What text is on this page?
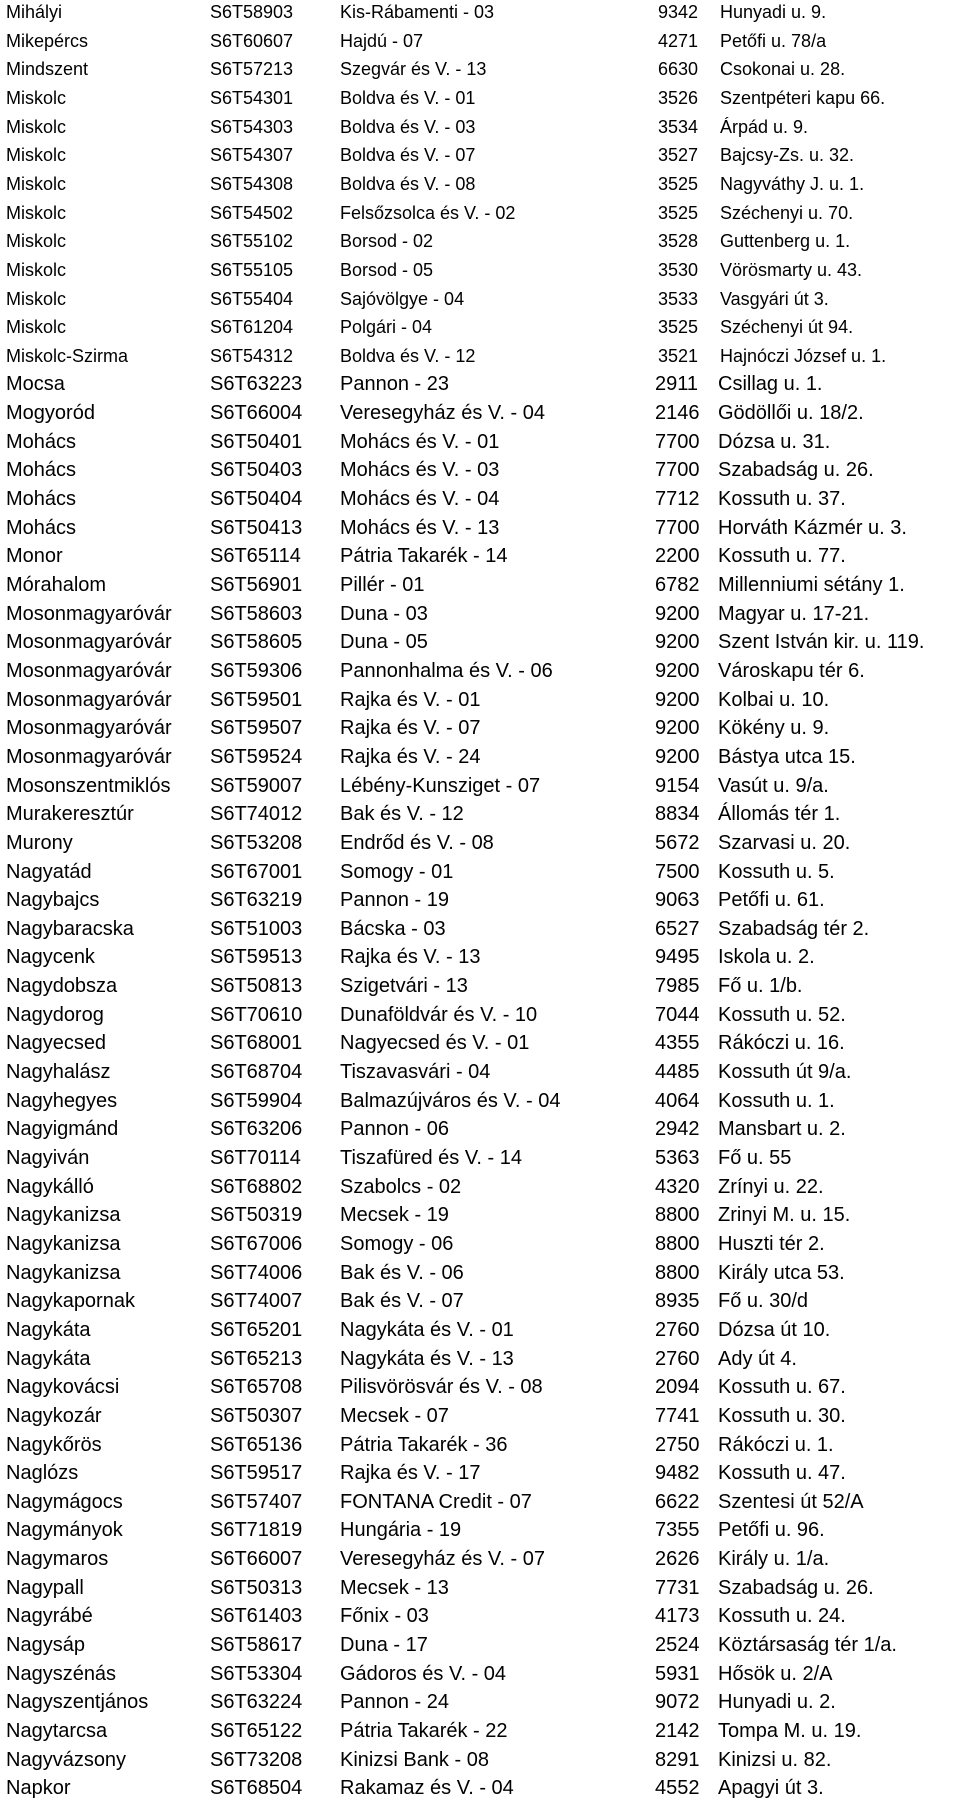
Mihályi	S6T58903	Kis-Rábamenti - 03	9342 Hunyadi u. 9.
Mikepércs	S6T60607	Hajdú - 07	4271 Petőfi u. 78/a
Mindszent	S6T57213	Szegvár és V. - 13	6630 Csokonai u. 28.
Miskolc	S6T54301	Boldva és V. - 01	3526 Szentpéteri kapu 66.
Miskolc	S6T54303	Boldva és V. - 03	3534 Árpád u. 9.
Miskolc	S6T54307	Boldva és V. - 07	3527 Bajcsy-Zs. u. 32.
Miskolc	S6T54308	Boldva és V. - 08	3525 Nagyváthy J. u. 1.
Miskolc	S6T54502	Felsőzsolca és V. - 02	3525 Széchenyi u. 70.
Miskolc	S6T55102	Borsod - 02	3528 Guttenberg u. 1.
Miskolc	S6T55105	Borsod - 05	3530 Vörösmarty u. 43.
Miskolc	S6T55404	Sajóvölgye - 04	3533 Vasgyári út 3.
Miskolc	S6T61204	Polgári - 04	3525 Széchenyi út 94.
Miskolc-Szirma	S6T54312	Boldva és V. - 12	3521 Hajnóczi József u. 1.
Mocsa	S6T63223 Pannon - 23	2911 Csillag u. 1.
Mogyoród	S6T66004 Veresegyház és V. - 04	2146 Gödöllői u. 18/2.
Mohács	S6T50401 Mohács és V. - 01	7700 Dózsa u. 31.
Mohács	S6T50403 Mohács és V. - 03	7700 Szabadság u. 26.
Mohács	S6T50404 Mohács és V. - 04	7712 Kossuth u. 37.
Mohács	S6T50413 Mohács és V. - 13	7700 Horváth Kázmér u. 3.
Monor	S6T65114 Pátria Takarék - 14	2200 Kossuth u. 77.
Mórahalom	S6T56901 Pillér - 01	6782 Millenniumi sétány 1.
Mosonmagyaróvár S6T58603 Duna - 03	9200 Magyar u. 17-21.
Mosonmagyaróvár S6T58605 Duna - 05	9200 Szent István kir. u. 119.
Mosonmagyaróvár S6T59306 Pannonhalma és V. - 06	9200 Városkapu tér 6.
Mosonmagyaróvár S6T59501 Rajka és V. - 01	9200 Kolbai u. 10.
Mosonmagyaróvár S6T59507 Rajka és V. - 07	9200 Kökény u. 9.
Mosonmagyaróvár S6T59524 Rajka és V. - 24	9200 Bástya utca 15.
Mosonszentmiklós S6T59007 Lébény-Kunsziget - 07	9154 Vasút u. 9/a.
Murakeresztúr	S6T74012 Bak és V. - 12	8834 Állomás tér 1.
Murony	S6T53208 Endrőd és V. - 08	5672 Szarvasi u. 20.
Nagyatád	S6T67001 Somogy - 01	7500 Kossuth u. 5.
Nagybajcs	S6T63219 Pannon - 19	9063 Petőfi u. 61.
Nagybaracska	S6T51003 Bácska - 03	6527 Szabadság tér 2.
Nagycenk	S6T59513 Rajka és V. - 13	9495 Iskola u. 2.
Nagydobsza	S6T50813 Szigetvári - 13	7985 Fő u. 1/b.
Nagydorog	S6T70610 Dunaföldvár és V. - 10	7044 Kossuth u. 52.
Nagyecsed	S6T68001 Nagyecsed és V. - 01	4355 Rákóczi u. 16.
Nagyhalász	S6T68704 Tiszavasvári - 04	4485 Kossuth út 9/a.
Nagyhegyes	S6T59904 Balmazújváros és V. - 04	4064 Kossuth u. 1.
Nagyigmánd	S6T63206 Pannon - 06	2942 Mansbart u. 2.
Nagyiván	S6T70114 Tiszafüred és V. - 14	5363 Fő u. 55
Nagykálló	S6T68802 Szabolcs - 02	4320 Zrínyi u. 22.
Nagykanizsa	S6T50319 Mecsek - 19	8800 Zrinyi M. u. 15.
Nagykanizsa	S6T67006 Somogy - 06	8800 Huszti tér 2.
Nagykanizsa	S6T74006 Bak és V. - 06	8800 Király utca 53.
Nagykapornak	S6T74007 Bak és V. - 07	8935 Fő u. 30/d
Nagykáta	S6T65201 Nagykáta és V. - 01	2760 Dózsa út 10.
Nagykáta	S6T65213 Nagykáta és V. - 13	2760 Ady út 4.
Nagykovácsi	S6T65708 Pilisvörösvár és V. - 08	2094 Kossuth u. 67.
Nagykozár	S6T50307 Mecsek - 07	7741 Kossuth u. 30.
Nagykőrös	S6T65136 Pátria Takarék - 36	2750 Rákóczi u. 1.
Naglózs	S6T59517 Rajka és V. - 17	9482 Kossuth u. 47.
Nagymágocs	S6T57407 FONTANA Credit - 07	6622 Szentesi út 52/A
Nagymányok	S6T71819 Hungária - 19	7355 Petőfi u. 96.
Nagymaros	S6T66007 Veresegyház és V. - 07	2626 Király u. 1/a.
Nagypall	S6T50313 Mecsek - 13	7731 Szabadság u. 26.
Nagyrábé	S6T61403 Főnix - 03	4173 Kossuth u. 24.
Nagysáp	S6T58617 Duna - 17	2524 Köztársaság tér 1/a.
Nagyszénás	S6T53304 Gádoros és V. - 04	5931 Hősök u. 2/A
Nagyszentjános	S6T63224 Pannon - 24	9072 Hunyadi u. 2.
Nagytarcsa	S6T65122 Pátria Takarék - 22	2142 Tompa M. u. 19.
Nagyvázsony	S6T73208 Kinizsi Bank - 08	8291 Kinizsi u. 82.
Napkor	S6T68504 Rakamaz és V. - 04	4552 Apagyi út 3.
